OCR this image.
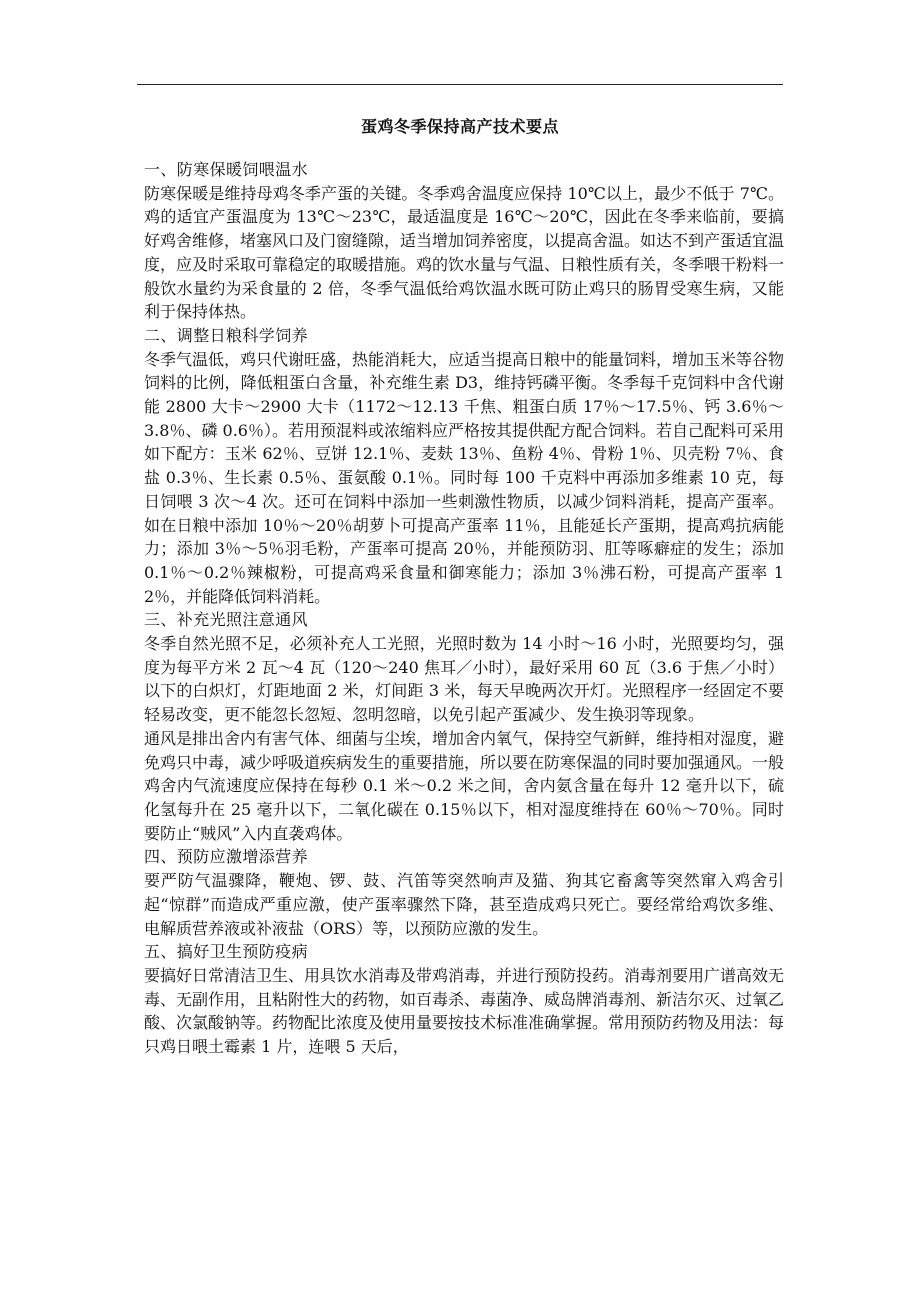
蛋鸡冬季保持高产技术要点

一、防寒保暖饲喂温水

防寒保暖是维持母鸡冬季产蛋的关键。冬季鸡舍温度应保持 10℃以上，最少不低于 7℃。鸡的适宜产蛋温度为 13℃～23℃，最适温度是 16℃～20℃，因此在冬季来临前，要搞好鸡舍维修，堵塞风口及门窗缝隙，适当增加饲养密度，以提高舍温。如达不到产蛋适宜温度，应及时采取可靠稳定的取暖措施。鸡的饮水量与气温、日粮性质有关，冬季喂干粉料一般饮水量约为采食量的 2 倍，冬季气温低给鸡饮温水既可防止鸡只的肠胃受寒生病，又能利于保持体热。

二、调整日粮科学饲养

冬季气温低，鸡只代谢旺盛，热能消耗大，应适当提高日粮中的能量饲料，增加玉米等谷物饲料的比例，降低粗蛋白含量，补充维生素 D3，维持钙磷平衡。冬季每千克饲料中含代谢能 2800 大卡～2900 大卡（1172～12.13 千焦、粗蛋白质 17％～17.5％、钙 3.6％～3.8％、磷 0.6％）。若用预混料或浓缩料应严格按其提供配方配合饲料。若自己配料可采用如下配方：玉米 62％、豆饼 12.1％、麦麸 13％、鱼粉 4％、骨粉 1％、贝壳粉 7％、食盐 0.3％、生长素 0.5％、蛋氨酸 0.1％。同时每 100 千克料中再添加多维素 10 克，每日饲喂 3 次～4 次。还可在饲料中添加一些刺激性物质，以减少饲料消耗，提高产蛋率。如在日粮中添加 10％～20％胡萝卜可提高产蛋率 11％，且能延长产蛋期，提高鸡抗病能力；添加 3％～5％羽毛粉，产蛋率可提高 20％，并能预防羽、肛等啄癖症的发生；添加 0.1％～0.2％辣椒粉，可提高鸡采食量和御寒能力；添加 3％沸石粉，可提高产蛋率 12％，并能降低饲料消耗。

三、补充光照注意通风

冬季自然光照不足，必须补充人工光照，光照时数为 14 小时～16 小时，光照要均匀，强度为每平方米 2 瓦～4 瓦（120～240 焦耳／小时），最好采用 60 瓦（3.6 于焦／小时）以下的白炽灯，灯距地面 2 米，灯间距 3 米，每天早晚两次开灯。光照程序一经固定不要轻易改变，更不能忽长忽短、忽明忽暗，以免引起产蛋减少、发生换羽等现象。

通风是排出舍内有害气体、细菌与尘埃，增加舍内氧气，保持空气新鲜，维持相对湿度，避免鸡只中毒，减少呼吸道疾病发生的重要措施，所以要在防寒保温的同时要加强通风。一般鸡舍内气流速度应保持在每秒 0.1 米～0.2 米之间，舍内氨含量在每升 12 毫升以下，硫化氢每升在 25 毫升以下，二氧化碳在 0.15％以下，相对湿度维持在 60％～70％。同时要防止“贼风”入内直袭鸡体。

四、预防应激增添营养

要严防气温骤降，鞭炮、锣、鼓、汽笛等突然响声及猫、狗其它畜禽等突然窜入鸡舍引起“惊群”而造成严重应激，使产蛋率骤然下降，甚至造成鸡只死亡。要经常给鸡饮多维、电解质营养液或补液盐（ORS）等，以预防应激的发生。

五、搞好卫生预防疫病

要搞好日常清洁卫生、用具饮水消毒及带鸡消毒，并进行预防投药。消毒剂要用广谱高效无毒、无副作用，且粘附性大的药物，如百毒杀、毒菌净、威岛牌消毒剂、新洁尔灭、过氧乙酸、次氯酸钠等。药物配比浓度及使用量要按技术标准准确掌握。常用预防药物及用法：每只鸡日喂土霉素 1 片，连喂 5 天后，
